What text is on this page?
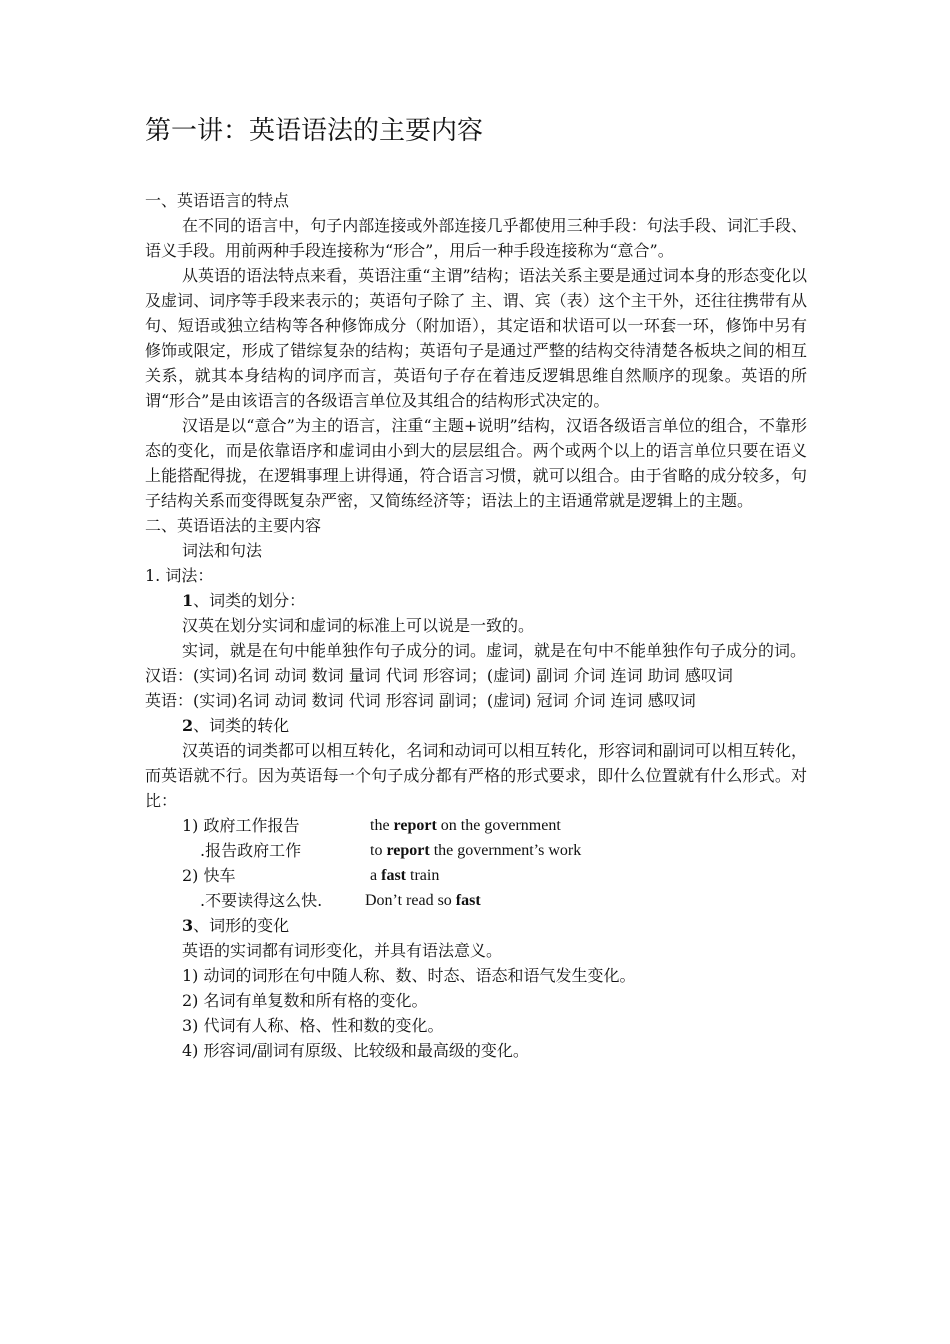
第一讲：英语语法的主要内容

一、英语语言的特点

在不同的语言中，句子内部连接或外部连接几乎都使用三种手段：句法手段、词汇手段、语义手段。用前两种手段连接称为“形合”，用后一种手段连接称为“意合”。

从英语的语法特点来看，英语注重“主谓”结构；语法关系主要是通过词本身的形态变化以及虚词、词序等手段来表示的；英语句子除了 主、谓、宾（表）这个主干外，还往往携带有从句、短语或独立结构等各种修饰成分（附加语），其定语和状语可以一环套一环，修饰中另有修饰或限定，形成了错综复杂的结构；英语句子是通过严整的结构交待清楚各板块之间的相互关系，就其本身结构的词序而言，英语句子存在着违反逻辑思维自然顺序的现象。英语的所谓“形合”是由该语言的各级语言单位及其组合的结构形式决定的。

汉语是以“意合”为主的语言，注重“主题+说明”结构，汉语各级语言单位的组合，不靠形态的变化，而是依靠语序和虚词由小到大的层层组合。两个或两个以上的语言单位只要在语义上能搭配得拢，在逻辑事理上讲得通，符合语言习惯，就可以组合。由于省略的成分较多，句子结构关系而变得既复杂严密，又简练经济等；语法上的主语通常就是逻辑上的主题。

二、英语语法的主要内容

词法和句法

1. 词法：

1、词类的划分：

汉英在划分实词和虚词的标准上可以说是一致的。

实词，就是在句中能单独作句子成分的词。虚词，就是在句中不能单独作句子成分的词。

汉语：(实词)名词 动词 数词 量词 代词 形容词；(虚词) 副词 介词 连词 助词 感叹词

英语：(实词)名词 动词 数词 代词 形容词 副词；(虚词) 冠词 介词 连词 感叹词

2、词类的转化

汉英语的词类都可以相互转化，名词和动词可以相互转化，形容词和副词可以相互转化，而英语就不行。因为英语每一个句子成分都有严格的形式要求，即什么位置就有什么形式。对比：

1) 政府工作报告	the report on the government
.报告政府工作	to report the government’s work
2) 快车	a fast train
.不要读得这么快.	Don’t read so fast

3、词形的变化

英语的实词都有词形变化，并具有语法意义。

1) 动词的词形在句中随人称、数、时态、语态和语气发生变化。

2) 名词有单复数和所有格的变化。

3) 代词有人称、格、性和数的变化。

4) 形容词/副词有原级、比较级和最高级的变化。
